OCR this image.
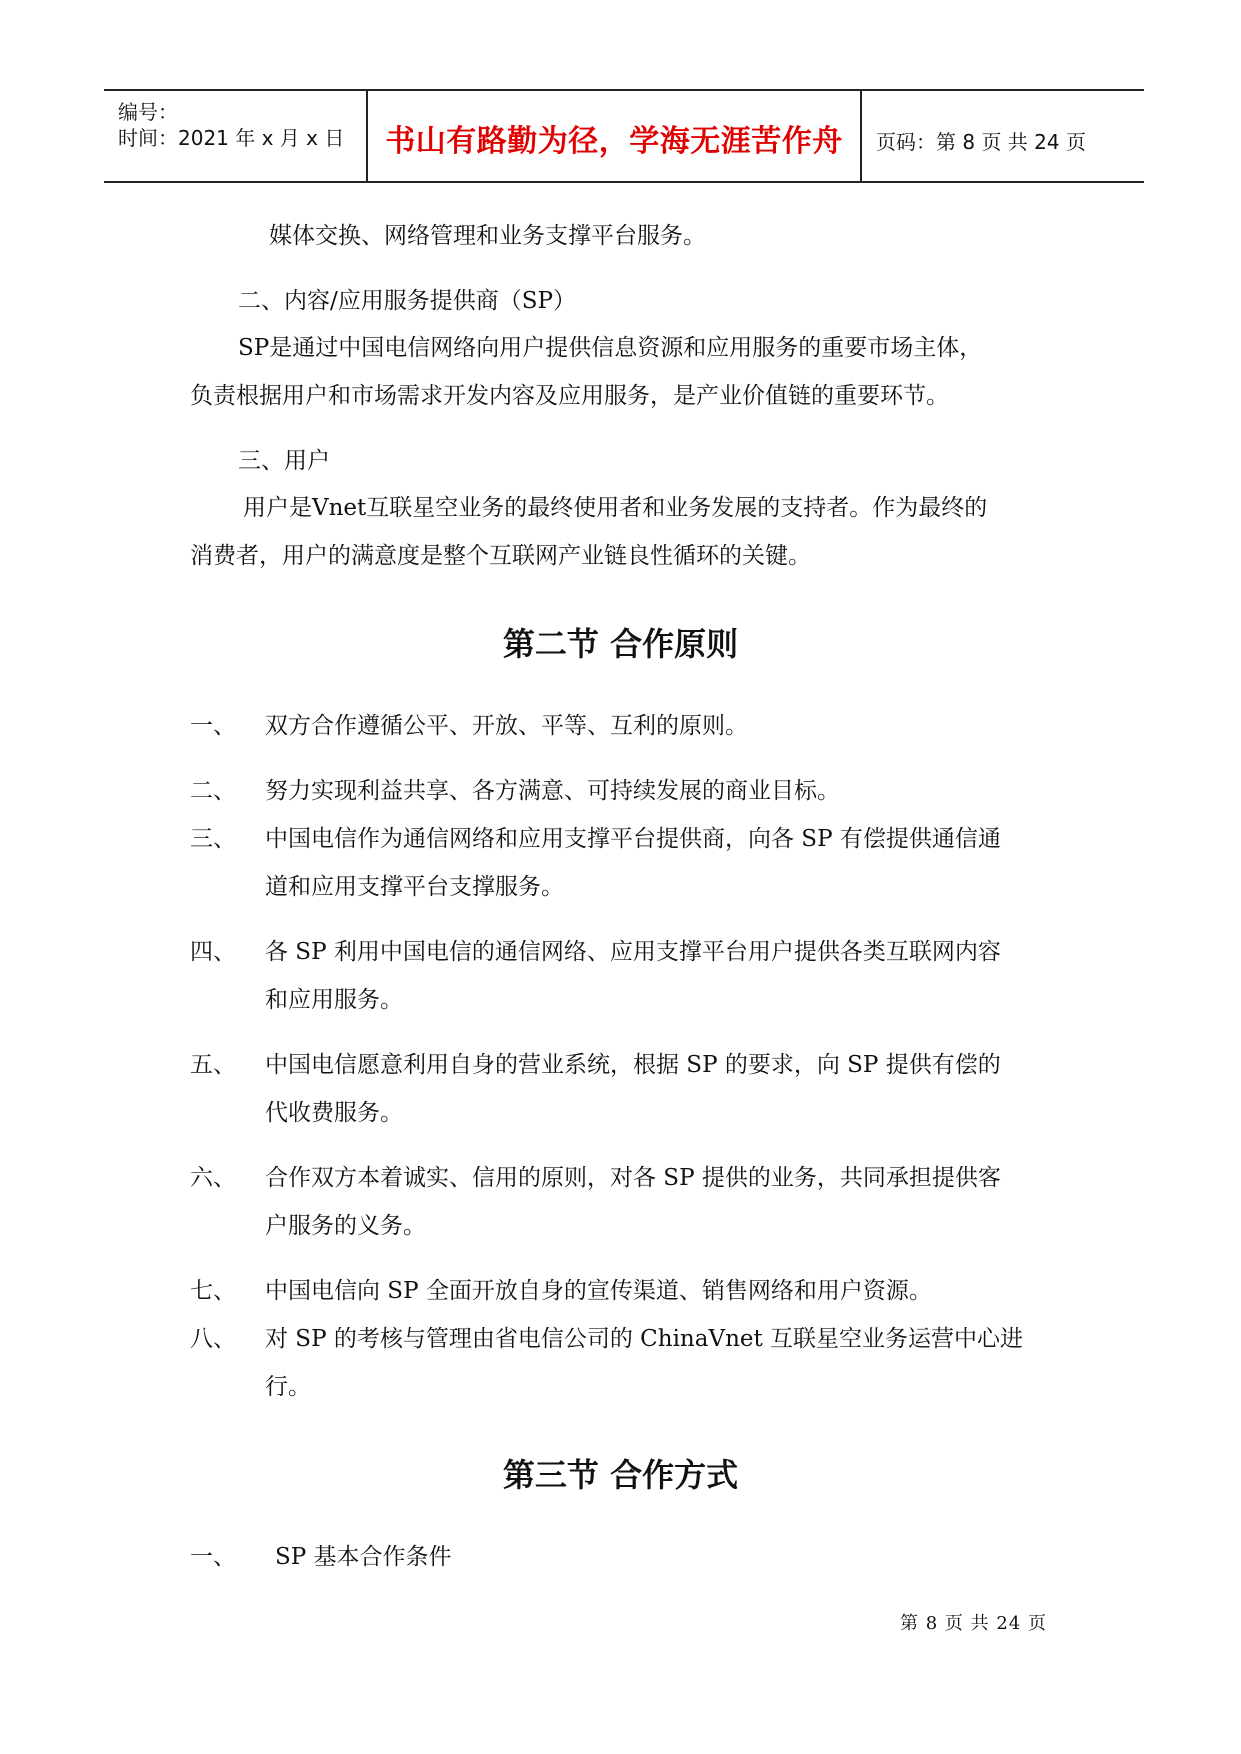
编号：
时间：2021 年 x 月 x 日	书山有路勤为径，学海无涯苦作舟	页码：第 8 页 共 24 页
媒体交换、网络管理和业务支撑平台服务。
二、内容/应用服务提供商（SP）
SP是通过中国电信网络向用户提供信息资源和应用服务的重要市场主体，
负责根据用户和市场需求开发内容及应用服务，是产业价值链的重要环节。
三、用户
用户是Vnet互联星空业务的最终使用者和业务发展的支持者。作为最终的
消费者，用户的满意度是整个互联网产业链良性循环的关键。
第二节 合作原则
一、 双方合作遵循公平、开放、平等、互利的原则。
二、 努力实现利益共享、各方满意、可持续发展的商业目标。
三、 中国电信作为通信网络和应用支撑平台提供商，向各 SP 有偿提供通信通
道和应用支撑平台支撑服务。
四、 各 SP 利用中国电信的通信网络、应用支撑平台用户提供各类互联网内容
和应用服务。
五、 中国电信愿意利用自身的营业系统，根据 SP 的要求，向 SP 提供有偿的
代收费服务。
六、 合作双方本着诚实、信用的原则，对各 SP 提供的业务，共同承担提供客
户服务的义务。
七、 中国电信向 SP 全面开放自身的宣传渠道、销售网络和用户资源。
八、 对 SP 的考核与管理由省电信公司的 ChinaVnet 互联星空业务运营中心进
行。
第三节 合作方式
一、 SP 基本合作条件
第 8 页 共 24 页
